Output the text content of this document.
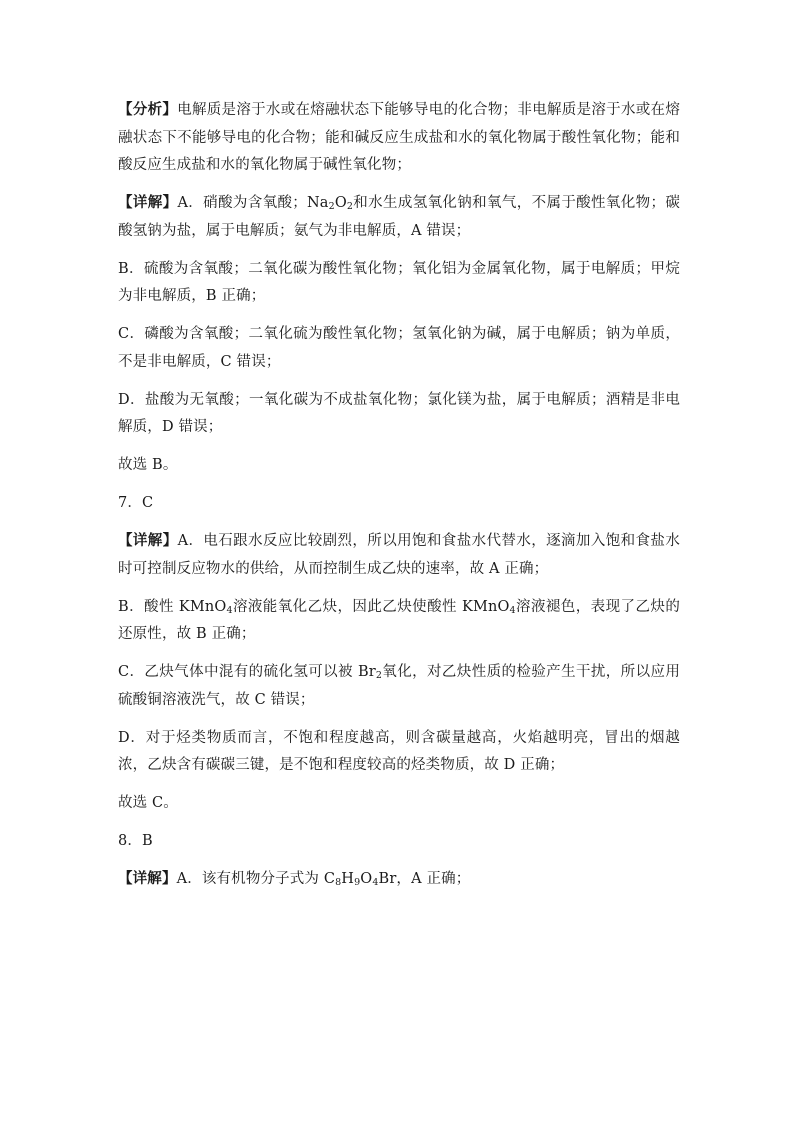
【分析】电解质是溶于水或在熔融状态下能够导电的化合物；非电解质是溶于水或在熔融状态下不能够导电的化合物；能和碱反应生成盐和水的氧化物属于酸性氧化物；能和酸反应生成盐和水的氧化物属于碱性氧化物；

【详解】A．硝酸为含氧酸；$Na_2O_2$和水生成氢氧化钠和氧气，不属于酸性氧化物；碳酸氢钠为盐，属于电解质；氨气为非电解质，A 错误；

B．硫酸为含氧酸；二氧化碳为酸性氧化物；氧化铝为金属氧化物，属于电解质；甲烷为非电解质，B 正确；

C．磷酸为含氧酸；二氧化硫为酸性氧化物；氢氧化钠为碱，属于电解质；钠为单质，不是非电解质，C 错误；

D．盐酸为无氧酸；一氧化碳为不成盐氧化物；氯化镁为盐，属于电解质；酒精是非电解质，D 错误；

故选 B。

7．C

【详解】A．电石跟水反应比较剧烈，所以用饱和食盐水代替水，逐滴加入饱和食盐水时可控制反应物水的供给，从而控制生成乙炔的速率，故 A 正确；

B．酸性 KMnO$_4$溶液能氧化乙炔，因此乙炔使酸性 KMnO$_4$溶液褪色，表现了乙炔的还原性，故 B 正确；

C．乙炔气体中混有的硫化氢可以被 $Br_2$氧化，对乙炔性质的检验产生干扰，所以应用硫酸铜溶液洗气，故 C 错误；

D．对于烃类物质而言，不饱和程度越高，则含碳量越高，火焰越明亮，冒出的烟越浓，乙炔含有碳碳三键，是不饱和程度较高的烃类物质，故 D 正确；

故选 C。

8．B

【详解】A．该有机物分子式为 $C_8H_9O_4Br$，A 正确；
